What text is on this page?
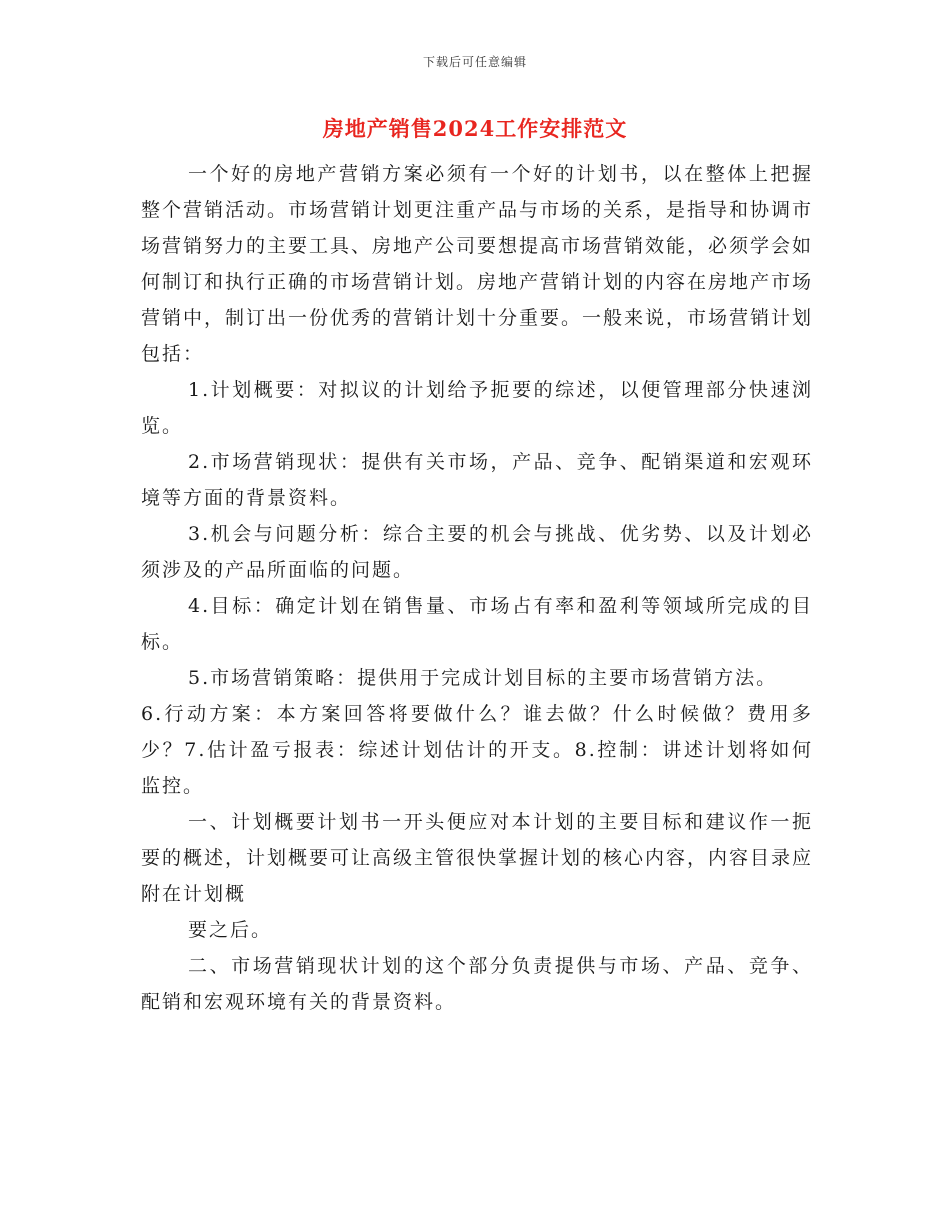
下载后可任意编辑
房地产销售2024工作安排范文

一个好的房地产营销方案必须有一个好的计划书，以在整体上把握整个营销活动。市场营销计划更注重产品与市场的关系，是指导和协调市场营销努力的主要工具、房地产公司要想提高市场营销效能，必须学会如何制订和执行正确的市场营销计划。房地产营销计划的内容在房地产市场营销中，制订出一份优秀的营销计划十分重要。一般来说，市场营销计划包括：

1.计划概要：对拟议的计划给予扼要的综述，以便管理部分快速浏览。

2.市场营销现状：提供有关市场，产品、竞争、配销渠道和宏观环境等方面的背景资料。

3.机会与问题分析：综合主要的机会与挑战、优劣势、以及计划必须涉及的产品所面临的问题。

4.目标：确定计划在销售量、市场占有率和盈利等领域所完成的目标。

5.市场营销策略：提供用于完成计划目标的主要市场营销方法。

6.行动方案：本方案回答将要做什么？谁去做？什么时候做？费用多少？7.估计盈亏报表：综述计划估计的开支。8.控制：讲述计划将如何监控。

一、计划概要计划书一开头便应对本计划的主要目标和建议作一扼要的概述，计划概要可让高级主管很快掌握计划的核心内容，内容目录应附在计划概

要之后。

二、市场营销现状计划的这个部分负责提供与市场、产品、竞争、配销和宏观环境有关的背景资料。
